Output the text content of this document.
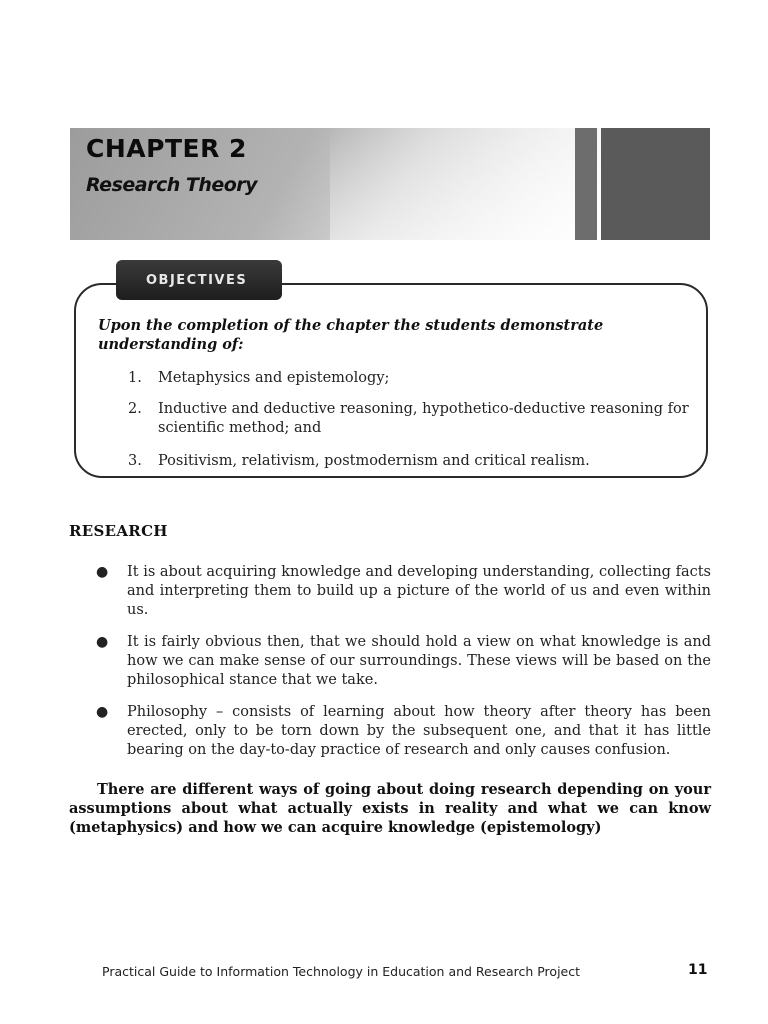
CHAPTER 2
Research Theory
OBJECTIVES
Upon the completion of the chapter the students demonstrate understanding of:
1. Metaphysics and epistemology;
2. Inductive and deductive reasoning, hypothetico-deductive reasoning for scientific method; and
3. Positivism, relativism, postmodernism and critical realism.
RESEARCH
● It is about acquiring knowledge and developing understanding, collecting facts and interpreting them to build up a picture of the world of us and even within us.
● It is fairly obvious then, that we should hold a view on what knowledge is and how we can make sense of our surroundings. These views will be based on the philosophical stance that we take.
● Philosophy – consists of learning about how theory after theory has been erected, only to be torn down by the subsequent one, and that it has little bearing on the day-to-day practice of research and only causes confusion.
There are different ways of going about doing research depending on your assumptions about what actually exists in reality and what we can know (metaphysics) and how we can acquire knowledge (epistemology)
Practical Guide to Information Technology in Education and Research Project	11
